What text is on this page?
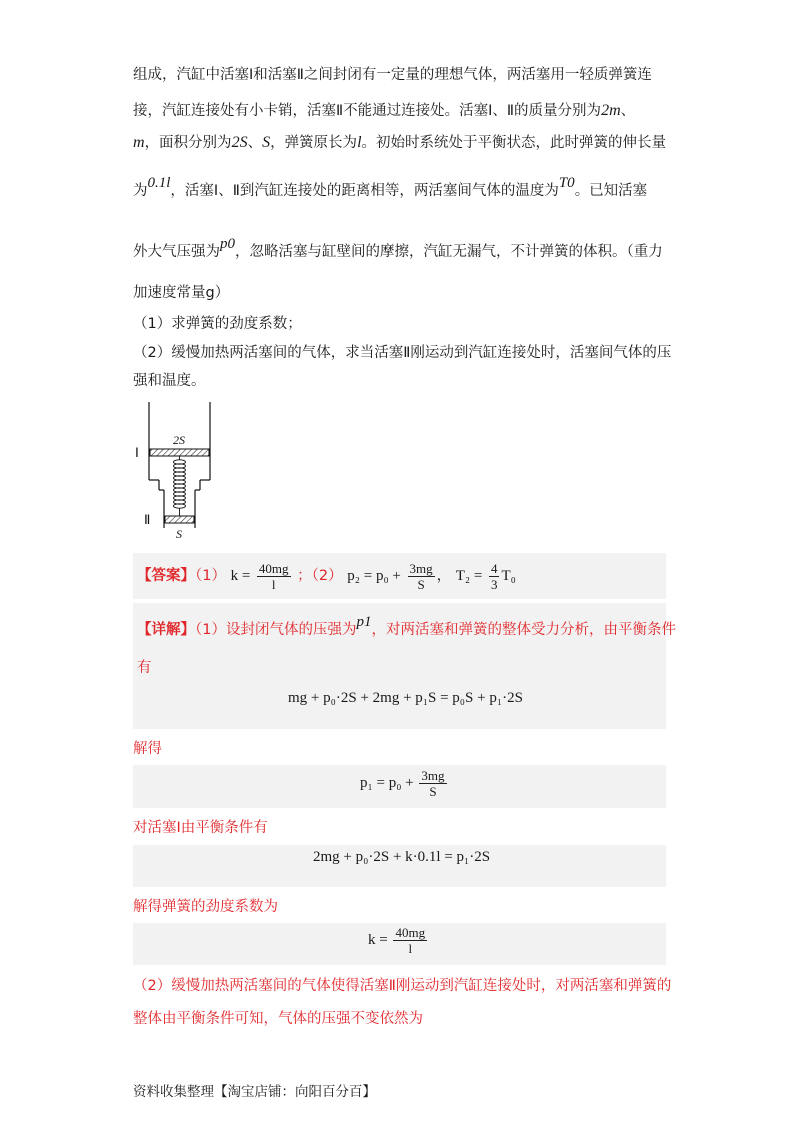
组成，汽缸中活塞Ⅰ和活塞Ⅱ之间封闭有一定量的理想气体，两活塞用一轻质弹簧连
接，汽缸连接处有小卡销，活塞Ⅱ不能通过连接处。活塞Ⅰ、Ⅱ的质量分别为2m、
m，面积分别为2S、S，弹簧原长为l。初始时系统处于平衡状态，此时弹簧的伸长量
为0.1l，活塞Ⅰ、Ⅱ到汽缸连接处的距离相等，两活塞间气体的温度为T0。已知活塞
外大气压强为p0，忽略活塞与缸壁间的摩擦，汽缸无漏气，不计弹簧的体积。（重力
加速度常量g）
（1）求弹簧的劲度系数；
（2）缓慢加热两活塞间的气体，求当活塞Ⅱ刚运动到汽缸连接处时，活塞间气体的压
强和温度。
2S
Ⅰ
Ⅱ
S
【答案】（1） $k = \frac{40mg}{l}$ ；（2） $p_2 = p_0 + \frac{3mg}{S}$ ， $T_2 = \frac{4}{3} T_0$
【详解】（1）设封闭气体的压强为p1，对两活塞和弹簧的整体受力分析，由平衡条件
有
mg + p₀·2S + 2mg + p₁S = p₀S + p₁·2S
解得
$p_1 = p_0 + \frac{3mg}{S}$
对活塞Ⅰ由平衡条件有
2mg + p₀·2S + k·0.1l = p₁·2S
解得弹簧的劲度系数为
$k = \frac{40mg}{l}$
（2）缓慢加热两活塞间的气体使得活塞Ⅱ刚运动到汽缸连接处时，对两活塞和弹簧的
整体由平衡条件可知，气体的压强不变依然为
资料收集整理【淘宝店铺：向阳百分百】
